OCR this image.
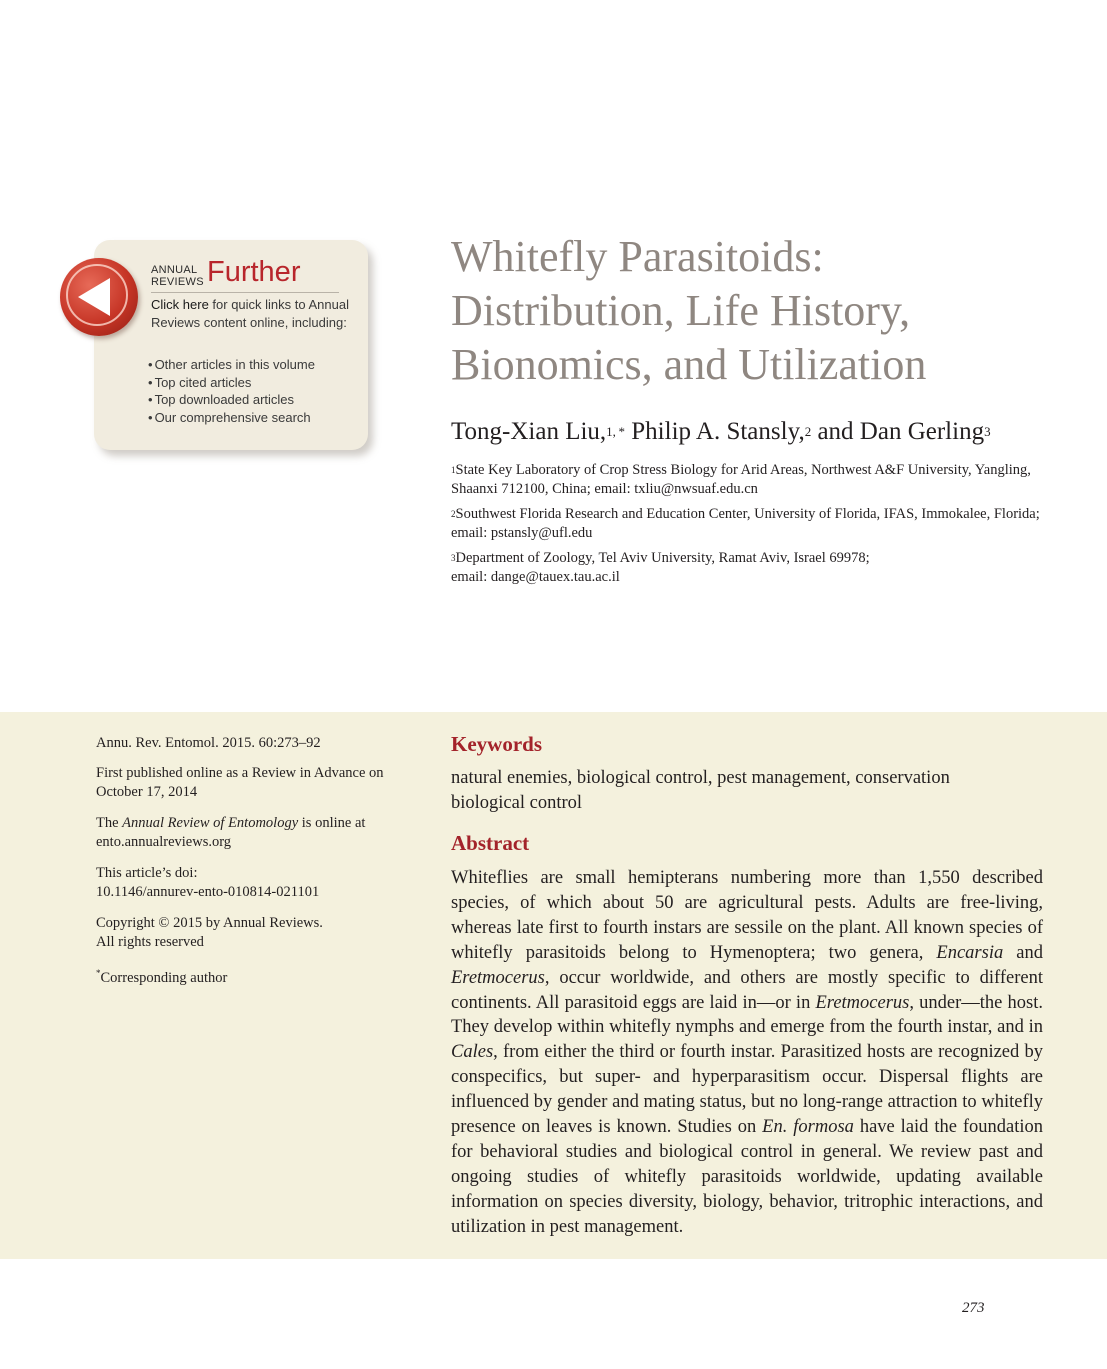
ANNUAL
REVIEWS Further
Click here for quick links to Annual Reviews content online, including:
• Other articles in this volume
• Top cited articles
• Top downloaded articles
• Our comprehensive search
Whitefly Parasitoids:
Distribution, Life History,
Bionomics, and Utilization
Tong-Xian Liu,$^{1, *}$ Philip A. Stansly,$^2$ and Dan Gerling$^3$
$^1$State Key Laboratory of Crop Stress Biology for Arid Areas, Northwest A&F University, Yangling, Shaanxi 712100, China; email: txliu@nwsuaf.edu.cn
$^2$Southwest Florida Research and Education Center, University of Florida, IFAS, Immokalee, Florida; email: pstansly@ufl.edu
$^3$Department of Zoology, Tel Aviv University, Ramat Aviv, Israel 69978;
email: dange@tauex.tau.ac.il
Annu. Rev. Entomol. 2015. 60:273–92
First published online as a Review in Advance on October 17, 2014
The Annual Review of Entomology is online at ento.annualreviews.org
This article’s doi:
10.1146/annurev-ento-010814-021101
Copyright © 2015 by Annual Reviews.
All rights reserved
*Corresponding author
Keywords
natural enemies, biological control, pest management, conservation biological control
Abstract

Whiteflies are small hemipterans numbering more than 1,550 described species, of which about 50 are agricultural pests. Adults are free-living, whereas late first to fourth instars are sessile on the plant. All known species of whitefly parasitoids belong to Hymenoptera; two genera, Encarsia and Eretmocerus, occur worldwide, and others are mostly specific to different continents. All parasitoid eggs are laid in—or in Eretmocerus, under—the host. They develop within whitefly nymphs and emerge from the fourth instar, and in Cales, from either the third or fourth instar. Parasitized hosts are recognized by conspecifics, but super- and hyperparasitism occur. Dispersal flights are influenced by gender and mating status, but no long-range attraction to whitefly presence on leaves is known. Studies on En. formosa have laid the foundation for behavioral studies and biological control in general. We review past and ongoing studies of whitefly parasitoids worldwide, updating available information on species diversity, biology, behavior, tritrophic interactions, and utilization in pest management.

273
